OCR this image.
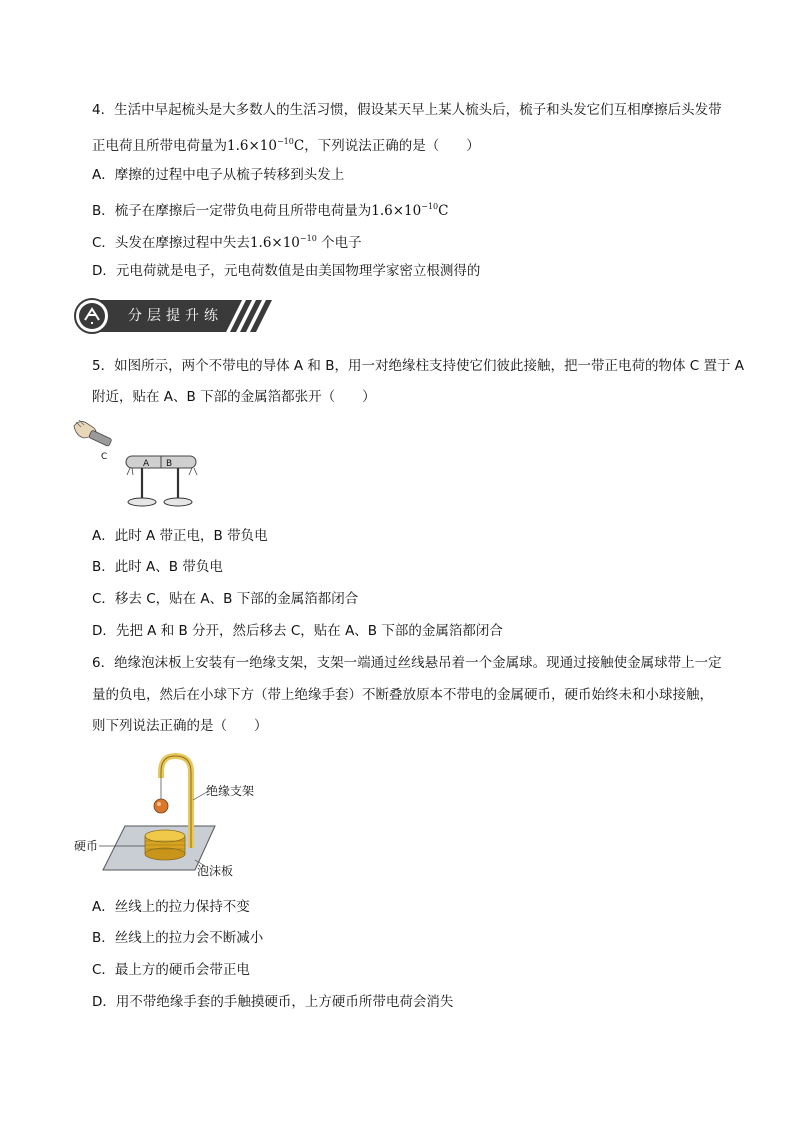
4．生活中早起梳头是大多数人的生活习惯，假设某天早上某人梳头后，梳子和头发它们互相摩擦后头发带
正电荷且所带电荷量为$1.6\times 10^{-10}C$，下列说法正确的是（　　）
A．摩擦的过程中电子从梳子转移到头发上
B．梳子在摩擦后一定带负电荷且所带电荷量为$1.6\times 10^{-10}C$
C．头发在摩擦过程中失去$1.6\times 10^{-10}$ 个电子
D．元电荷就是电子，元电荷数值是由美国物理学家密立根测得的
分层提升练
5．如图所示，两个不带电的导体 A 和 B，用一对绝缘柱支持使它们彼此接触，把一带正电荷的物体 C 置于 A
附近，贴在 A、B 下部的金属箔都张开（　　）
C
A B
A．此时 A 带正电，B 带负电
B．此时 A、B 带负电
C．移去 C，贴在 A、B 下部的金属箔都闭合
D．先把 A 和 B 分开，然后移去 C，贴在 A、B 下部的金属箔都闭合
6．绝缘泡沫板上安装有一绝缘支架，支架一端通过丝线悬吊着一个金属球。现通过接触使金属球带上一定
量的负电，然后在小球下方（带上绝缘手套）不断叠放原本不带电的金属硬币，硬币始终未和小球接触，
则下列说法正确的是（　　）
绝缘支架
硬币
泡沫板
A．丝线上的拉力保持不变
B．丝线上的拉力会不断减小
C．最上方的硬币会带正电
D．用不带绝缘手套的手触摸硬币，上方硬币所带电荷会消失
